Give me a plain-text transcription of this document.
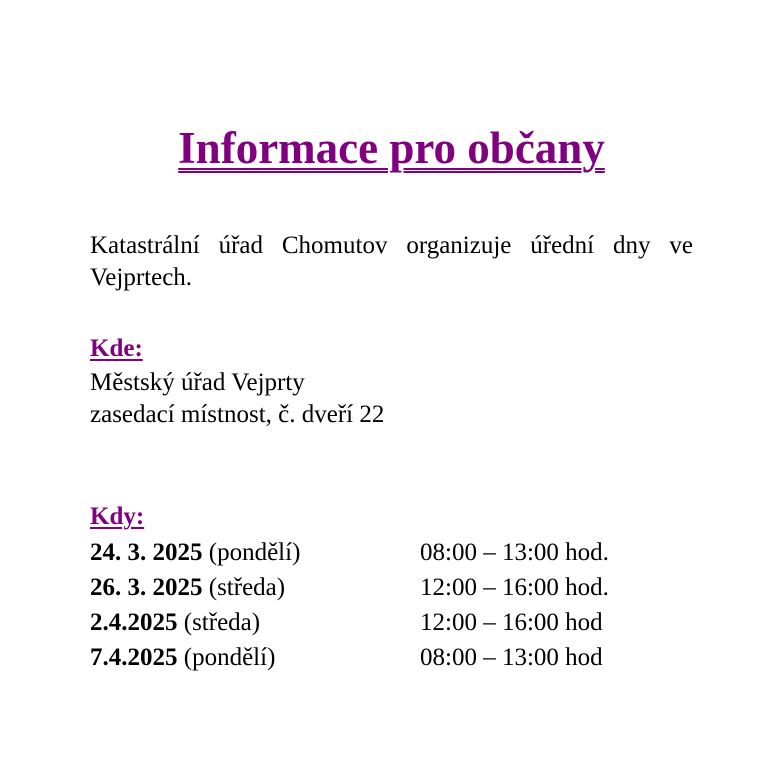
Informace pro občany

Katastrální úřad Chomutov organizuje úřední dny ve Vejprtech.

Kde:
Městský úřad Vejprty
zasedací místnost, č. dveří 22
Kdy:
24. 3. 2025 (pondělí)	08:00 – 13:00 hod.
26. 3. 2025 (středa)	12:00 – 16:00 hod.
2.4.2025 (středa)	12:00 – 16:00 hod
7.4.2025 (pondělí)	08:00 – 13:00 hod
